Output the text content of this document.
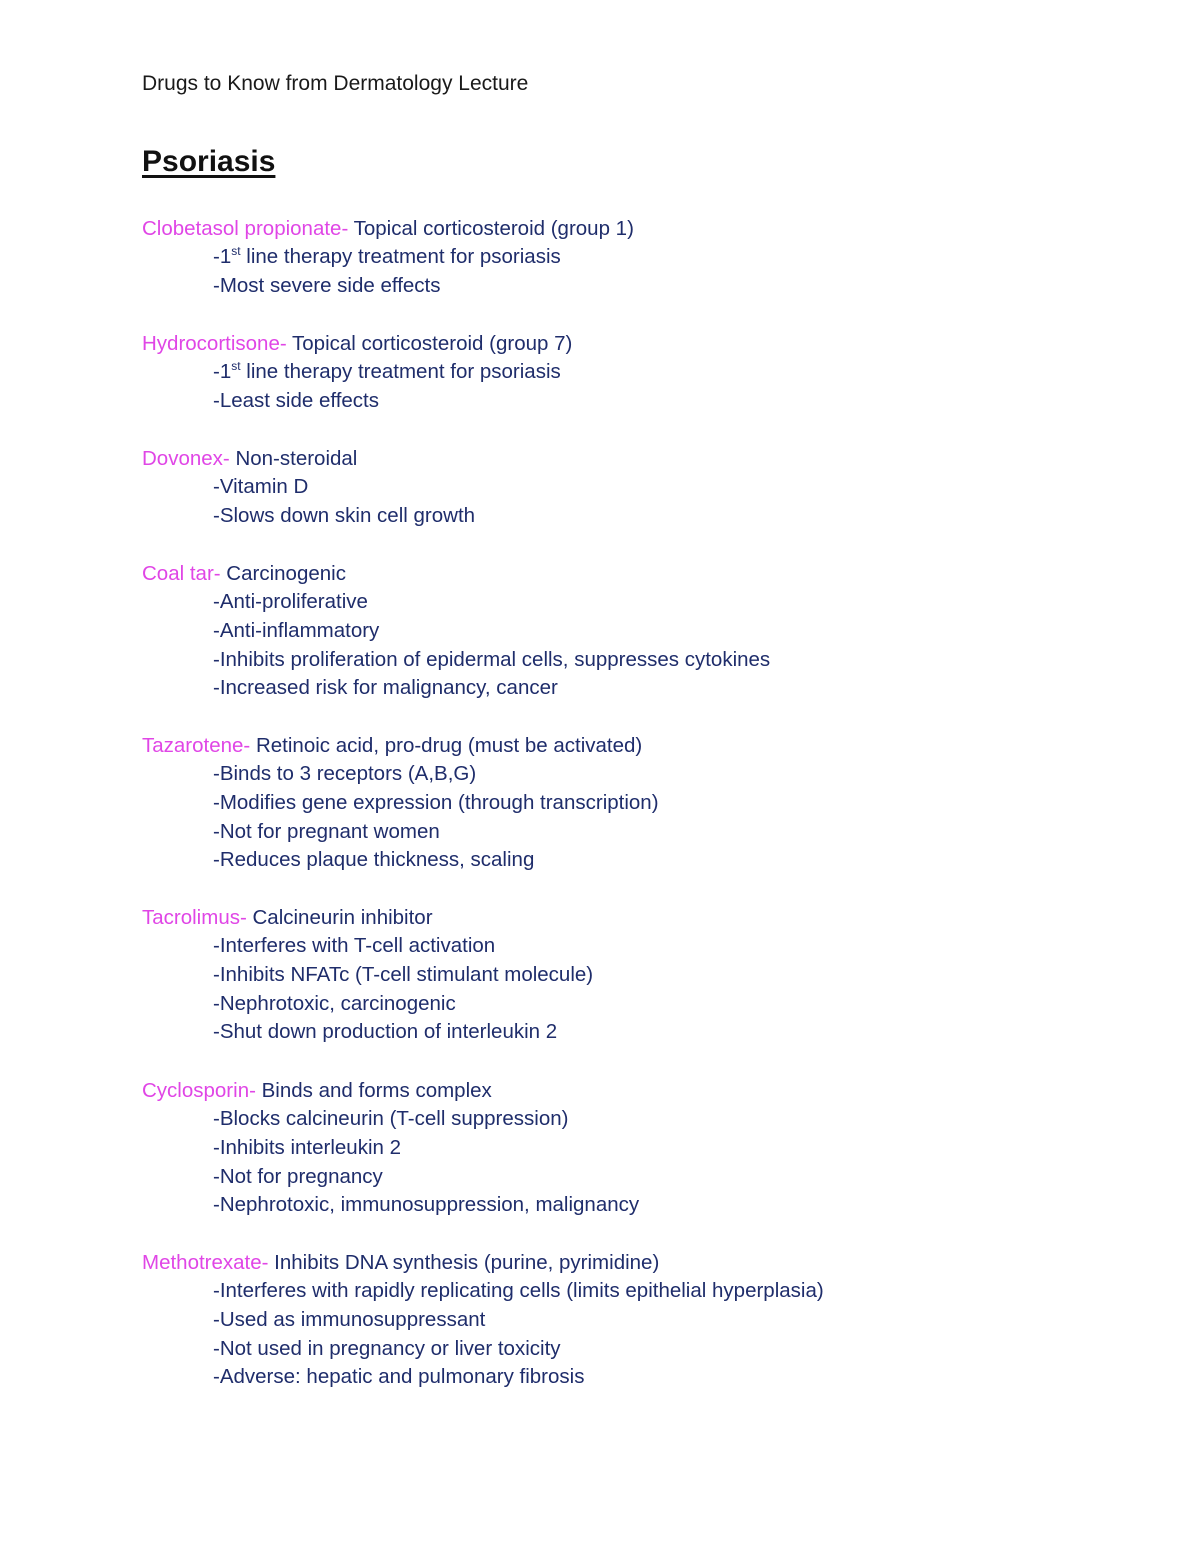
Drugs to Know from Dermatology Lecture
Psoriasis
Clobetasol propionate- Topical corticosteroid (group 1)
-1st line therapy treatment for psoriasis
-Most severe side effects
Hydrocortisone- Topical corticosteroid (group 7)
-1st line therapy treatment for psoriasis
-Least side effects
Dovonex- Non-steroidal
-Vitamin D
-Slows down skin cell growth
Coal tar- Carcinogenic
-Anti-proliferative
-Anti-inflammatory
-Inhibits proliferation of epidermal cells, suppresses cytokines
-Increased risk for malignancy, cancer
Tazarotene- Retinoic acid, pro-drug (must be activated)
-Binds to 3 receptors (A,B,G)
-Modifies gene expression (through transcription)
-Not for pregnant women
-Reduces plaque thickness, scaling
Tacrolimus- Calcineurin inhibitor
-Interferes with T-cell activation
-Inhibits NFATc (T-cell stimulant molecule)
-Nephrotoxic, carcinogenic
-Shut down production of interleukin 2
Cyclosporin- Binds and forms complex
-Blocks calcineurin (T-cell suppression)
-Inhibits interleukin 2
-Not for pregnancy
-Nephrotoxic, immunosuppression, malignancy
Methotrexate- Inhibits DNA synthesis (purine, pyrimidine)
-Interferes with rapidly replicating cells (limits epithelial hyperplasia)
-Used as immunosuppressant
-Not used in pregnancy or liver toxicity
-Adverse: hepatic and pulmonary fibrosis
